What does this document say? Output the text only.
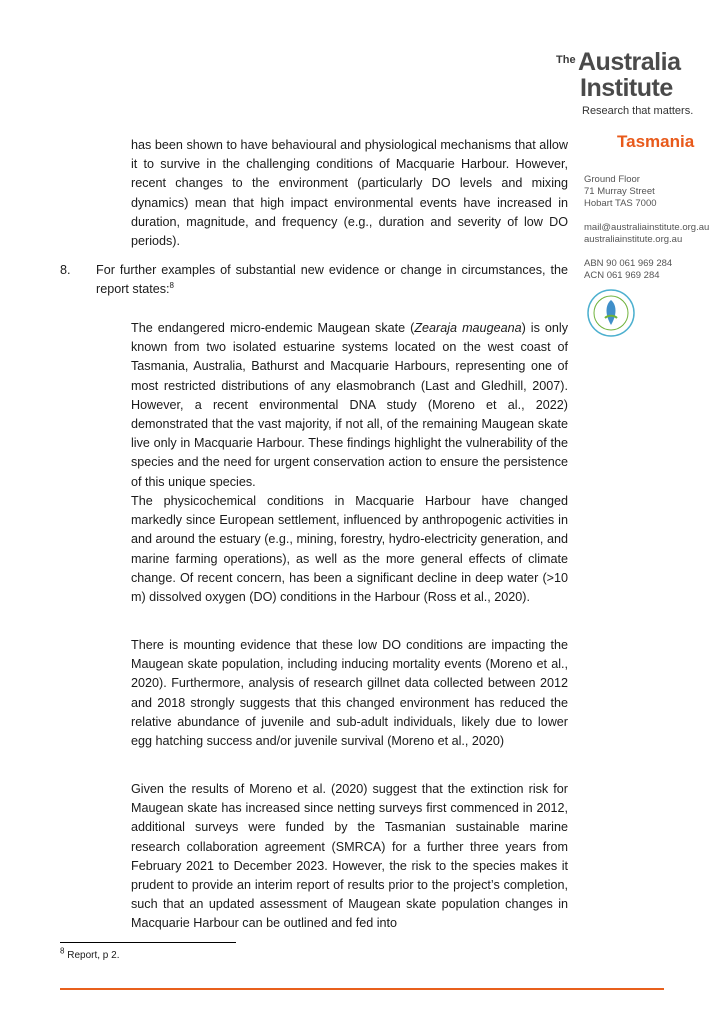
The Australia
Institute
Research that matters.
Tasmania
Ground Floor
71 Murray Street
Hobart TAS 7000
mail@australiainstitute.org.au
australiainstitute.org.au
ABN 90 061 969 284
ACN 061 969 284

has been shown to have behavioural and physiological mechanisms that allow it to survive in the challenging conditions of Macquarie Harbour. However, recent changes to the environment (particularly DO levels and mixing dynamics) mean that high impact environmental events have increased in duration, magnitude, and frequency (e.g., duration and severity of low DO periods).

8. For further examples of substantial new evidence or change in circumstances, the report states:$^8$

The endangered micro-endemic Maugean skate (Zearaja maugeana) is only known from two isolated estuarine systems located on the west coast of Tasmania, Australia, Bathurst and Macquarie Harbours, representing one of most restricted distributions of any elasmobranch (Last and Gledhill, 2007). However, a recent environmental DNA study (Moreno et al., 2022) demonstrated that the vast majority, if not all, of the remaining Maugean skate live only in Macquarie Harbour. These findings highlight the vulnerability of the species and the need for urgent conservation action to ensure the persistence of this unique species.

The physicochemical conditions in Macquarie Harbour have changed markedly since European settlement, influenced by anthropogenic activities in and around the estuary (e.g., mining, forestry, hydro-electricity generation, and marine farming operations), as well as the more general effects of climate change. Of recent concern, has been a significant decline in deep water (>10 m) dissolved oxygen (DO) conditions in the Harbour (Ross et al., 2020).

There is mounting evidence that these low DO conditions are impacting the Maugean skate population, including inducing mortality events (Moreno et al., 2020). Furthermore, analysis of research gillnet data collected between 2012 and 2018 strongly suggests that this changed environment has reduced the relative abundance of juvenile and sub-adult individuals, likely due to lower egg hatching success and/or juvenile survival (Moreno et al., 2020)

Given the results of Moreno et al. (2020) suggest that the extinction risk for Maugean skate has increased since netting surveys first commenced in 2012, additional surveys were funded by the Tasmanian sustainable marine research collaboration agreement (SMRCA) for a further three years from February 2021 to December 2023. However, the risk to the species makes it prudent to provide an interim report of results prior to the project’s completion, such that an updated assessment of Maugean skate population changes in Macquarie Harbour can be outlined and fed into

$^8$ Report, p 2.
